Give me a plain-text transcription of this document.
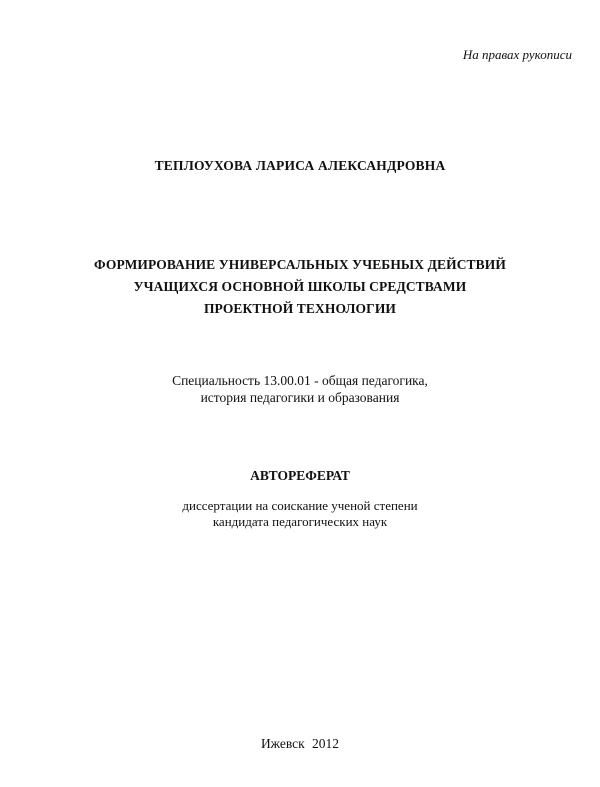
На правах рукописи
ТЕПЛОУХОВА ЛАРИСА АЛЕКСАНДРОВНА
ФОРМИРОВАНИЕ УНИВЕРСАЛЬНЫХ УЧЕБНЫХ ДЕЙСТВИЙ
УЧАЩИХСЯ ОСНОВНОЙ ШКОЛЫ СРЕДСТВАМИ
ПРОЕКТНОЙ ТЕХНОЛОГИИ
Специальность 13.00.01 - общая педагогика,
история педагогики и образования
АВТОРЕФЕРАТ
диссертации на соискание ученой степени
кандидата педагогических наук
Ижевск 2012
